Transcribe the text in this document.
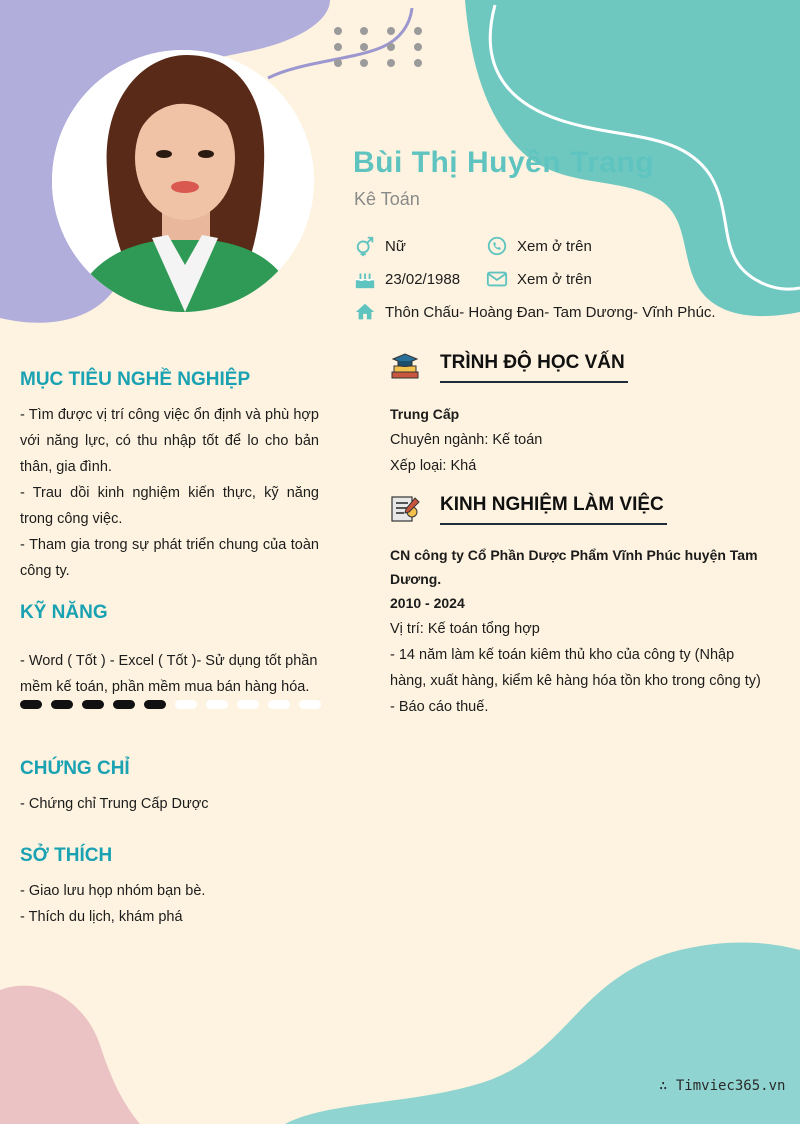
Bùi Thị Huyền Trang
Kê Toán
Nữ	Xem ở trên
23/02/1988	Xem ở trên
Thôn Chấu- Hoàng Đan- Tam Dương- Vĩnh Phúc.
MỤC TIÊU NGHỀ NGHIỆP

- Tìm được vị trí công việc ổn định và phù hợp với năng lực, có thu nhập tốt để lo cho bản thân, gia đình.

- Trau dồi kinh nghiệm kiến thực, kỹ năng trong công việc.

- Tham gia trong sự phát triển chung của toàn công ty.

KỸ NĂNG

- Word ( Tốt ) - Excel ( Tốt )- Sử dụng tốt phần mềm kế toán, phần mềm mua bán hàng hóa.

CHỨNG CHỈ

- Chứng chỉ Trung Cấp Dược

SỞ THÍCH

- Giao lưu họp nhóm bạn bè.

- Thích du lịch, khám phá

TRÌNH ĐỘ HỌC VẤN

Trung Cấp

Chuyên ngành: Kế toán

Xếp loại: Khá

KINH NGHIỆM LÀM VIỆC

CN công ty Cổ Phần Dược Phẩm Vĩnh Phúc huyện Tam Dương.

2010 - 2024

Vị trí: Kế toán tổng hợp

- 14 năm làm kế toán kiêm thủ kho của công ty (Nhập hàng, xuất hàng, kiểm kê hàng hóa tồn kho trong công ty)

- Báo cáo thuế.

∴ Timviec365.vn
